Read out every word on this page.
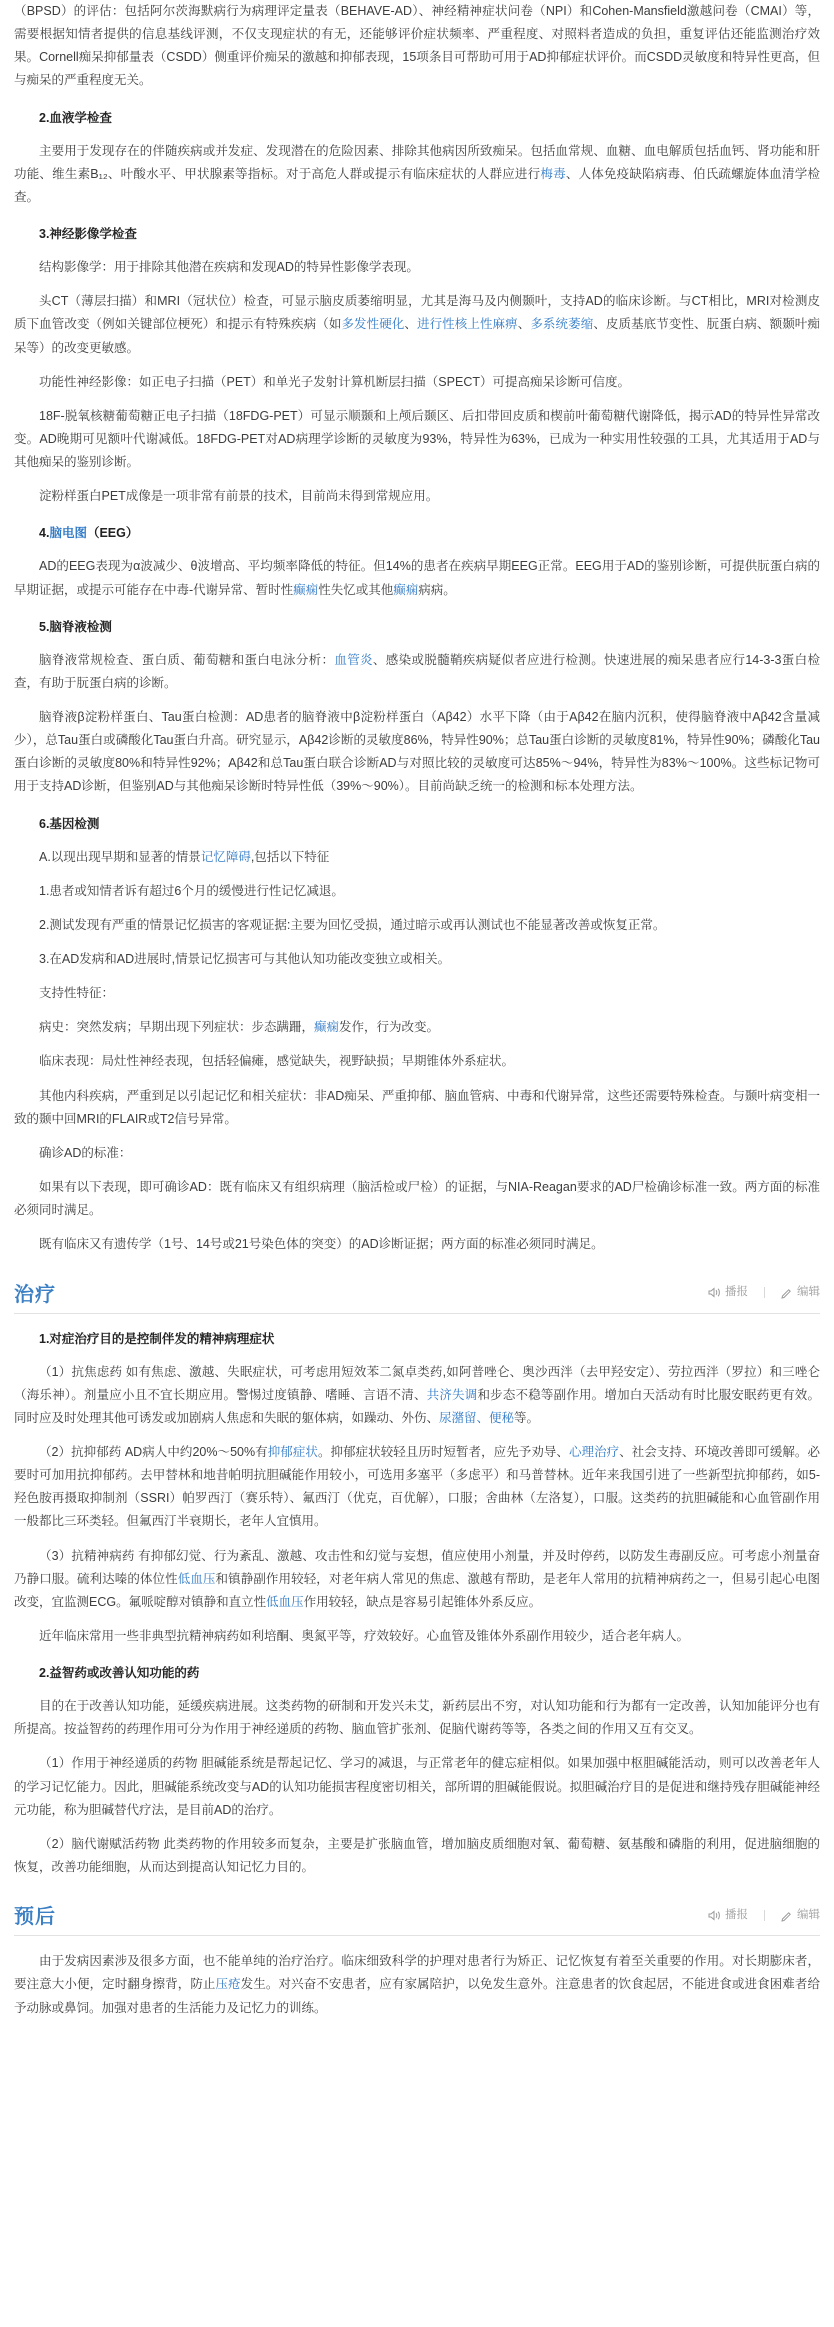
（BPSD）的评估：包括阿尔茨海默病行为病理评定量表（BEHAVE-AD）、神经精神症状问卷（NPI）和Cohen-Mansfield激越问卷（CMAI）等，需要根据知情者提供的信息基线评测，不仅支现症状的有无，还能够评价症状频率、严重程度、对照料者造成的负担，重复评估还能监测治疗效果。Cornell痴呆抑郁量表（CSDD）侧重评价痴呆的激越和抑郁表现，15项条目可帮助可用于AD抑郁症状评价。而CSDD灵敏度和特异性更高，但与痴呆的严重程度无关。

2.血液学检查

主要用于发现存在的伴随疾病或并发症、发现潜在的危险因素、排除其他病因所致痴呆。包括血常规、血糖、血电解质包括血钙、肾功能和肝功能、维生素B₁₂、叶酸水平、甲状腺素等指标。对于高危人群或提示有临床症状的人群应进行梅毒、人体免疫缺陷病毒、伯氏疏螺旋体血清学检查。

3.神经影像学检查

结构影像学：用于排除其他潜在疾病和发现AD的特异性影像学表现。

头CT（薄层扫描）和MRI（冠状位）检查，可显示脑皮质萎缩明显，尤其是海马及内侧颞叶，支持AD的临床诊断。与CT相比，MRI对检测皮质下血管改变（例如关键部位梗死）和提示有特殊疾病（如多发性硬化、进行性核上性麻痹、多系统萎缩、皮质基底节变性、朊蛋白病、额颞叶痴呆等）的改变更敏感。

功能性神经影像：如正电子扫描（PET）和单光子发射计算机断层扫描（SPECT）可提高痴呆诊断可信度。

18F-脱氧核糖葡萄糖正电子扫描（18FDG-PET）可显示顺颞和上颅后颞区、后扣带回皮质和楔前叶葡萄糖代谢降低，揭示AD的特异性异常改变。AD晚期可见额叶代谢减低。18FDG-PET对AD病理学诊断的灵敏度为93%，特异性为63%，已成为一种实用性较强的工具，尤其适用于AD与其他痴呆的鉴别诊断。

淀粉样蛋白PET成像是一项非常有前景的技术，目前尚未得到常规应用。

4.脑电图（EEG）

AD的EEG表现为α波减少、θ波增高、平均频率降低的特征。但14%的患者在疾病早期EEG正常。EEG用于AD的鉴别诊断，可提供朊蛋白病的早期证据，或提示可能存在中毒-代谢异常、暂时性癫痫性失忆或其他癫痫病病。

5.脑脊液检测

脑脊液常规检查、蛋白质、葡萄糖和蛋白电泳分析：血管炎、感染或脱髓鞘疾病疑似者应进行检测。快速进展的痴呆患者应行14-3-3蛋白检查，有助于朊蛋白病的诊断。

脑脊液β淀粉样蛋白、Tau蛋白检测：AD患者的脑脊液中β淀粉样蛋白（Aβ42）水平下降（由于Aβ42在脑内沉积，使得脑脊液中Aβ42含量减少），总Tau蛋白或磷酸化Tau蛋白升高。研究显示，Aβ42诊断的灵敏度86%，特异性90%；总Tau蛋白诊断的灵敏度81%，特异性90%；磷酸化Tau蛋白诊断的灵敏度80%和特异性92%；Aβ42和总Tau蛋白联合诊断AD与对照比较的灵敏度可达85%～94%，特异性为83%～100%。这些标记物可用于支持AD诊断，但鉴别AD与其他痴呆诊断时特异性低（39%～90%）。目前尚缺乏统一的检测和标本处理方法。

6.基因检测

A.以现出现早期和显著的情景记忆障碍,包括以下特征

1.患者或知情者诉有超过6个月的缓慢进行性记忆减退。

2.测试发现有严重的情景记忆损害的客观证据:主要为回忆受损，通过暗示或再认测试也不能显著改善或恢复正常。

3.在AD发病和AD进展时,情景记忆损害可与其他认知功能改变独立或相关。

支持性特征：

病史：突然发病；早期出现下列症状：步态蹒跚，癫痫发作，行为改变。

临床表现：局灶性神经表现，包括轻偏瘫，感觉缺失，视野缺损；早期锥体外系症状。

其他内科疾病，严重到足以引起记忆和相关症状：非AD痴呆、严重抑郁、脑血管病、中毒和代谢异常，这些还需要特殊检查。与颞叶病变相一致的颞中回MRI的FLAIR或T2信号异常。

确诊AD的标准：

如果有以下表现，即可确诊AD：既有临床又有组织病理（脑活检或尸检）的证据，与NIA-Reagan要求的AD尸检确诊标准一致。两方面的标准必须同时满足。

既有临床又有遗传学（1号、14号或21号染色体的突变）的AD诊断证据；两方面的标准必须同时满足。

治疗	播报	编辑
1.对症治疗目的是控制伴发的精神病理症状

（1）抗焦虑药 如有焦虑、激越、失眠症状，可考虑用短效苯二氮卓类药,如阿普唑仑、奥沙西泮（去甲羟安定）、劳拉西泮（罗拉）和三唑仑（海乐神）。剂量应小且不宜长期应用。警惕过度镇静、嗜睡、言语不清、共济失调和步态不稳等副作用。增加白天活动有时比服安眠药更有效。同时应及时处理其他可诱发或加剧病人焦虑和失眠的躯体病，如躁动、外伤、尿潴留、便秘等。

（2）抗抑郁药 AD病人中约20%～50%有抑郁症状。抑郁症状较轻且历时短暂者，应先予劝导、心理治疗、社会支持、环境改善即可缓解。必要时可加用抗抑郁药。去甲替林和地昔帕明抗胆碱能作用较小，可选用多塞平（多虑平）和马普替林。近年来我国引进了一些新型抗抑郁药，如5-羟色胺再摄取抑制剂（SSRI）帕罗西汀（赛乐特）、氟西汀（优克，百优解），口服；舍曲林（左洛复），口服。这类药的抗胆碱能和心血管副作用一般都比三环类轻。但氟西汀半衰期长，老年人宜慎用。

（3）抗精神病药 有抑郁幻觉、行为紊乱、激越、攻击性和幻觉与妄想，值应使用小剂量，并及时停药，以防发生毒副反应。可考虑小剂量奋乃静口服。硫利达嗪的体位性低血压和镇静副作用较轻，对老年病人常见的焦虑、激越有帮助，是老年人常用的抗精神病药之一，但易引起心电图改变，宜监测ECG。氟哌啶醇对镇静和直立性低血压作用较轻，缺点是容易引起锥体外系反应。

近年临床常用一些非典型抗精神病药如利培酮、奥氮平等，疗效较好。心血管及锥体外系副作用较少，适合老年病人。

2.益智药或改善认知功能的药

目的在于改善认知功能，延缓疾病进展。这类药物的研制和开发兴未艾，新药层出不穷，对认知功能和行为都有一定改善，认知加能评分也有所提高。按益智药的药理作用可分为作用于神经递质的药物、脑血管扩张剂、促脑代谢药等等，各类之间的作用又互有交叉。

（1）作用于神经递质的药物 胆碱能系统是帮起记忆、学习的减退，与正常老年的健忘症相似。如果加强中枢胆碱能活动，则可以改善老年人的学习记忆能力。因此，胆碱能系统改变与AD的认知功能损害程度密切相关，部所谓的胆碱能假说。拟胆碱治疗目的是促进和继持残存胆碱能神经元功能，称为胆碱替代疗法，是目前AD的治疗。

（2）脑代谢赋活药物 此类药物的作用较多而复杂，主要是扩张脑血管，增加脑皮质细胞对氧、葡萄糖、氨基酸和磷脂的利用，促进脑细胞的恢复，改善功能细胞，从而达到提高认知记忆力目的。

预后	播报	编辑

由于发病因素涉及很多方面，也不能单纯的治疗治疗。临床细致科学的护理对患者行为矫正、记忆恢复有着至关重要的作用。对长期膨床者，要注意大小便，定时翻身擦背，防止压疮发生。对兴奋不安患者，应有家属陪护，以免发生意外。注意患者的饮食起居，不能进食或进食困难者给予动脉或鼻饲。加强对患者的生活能力及记忆力的训练。
